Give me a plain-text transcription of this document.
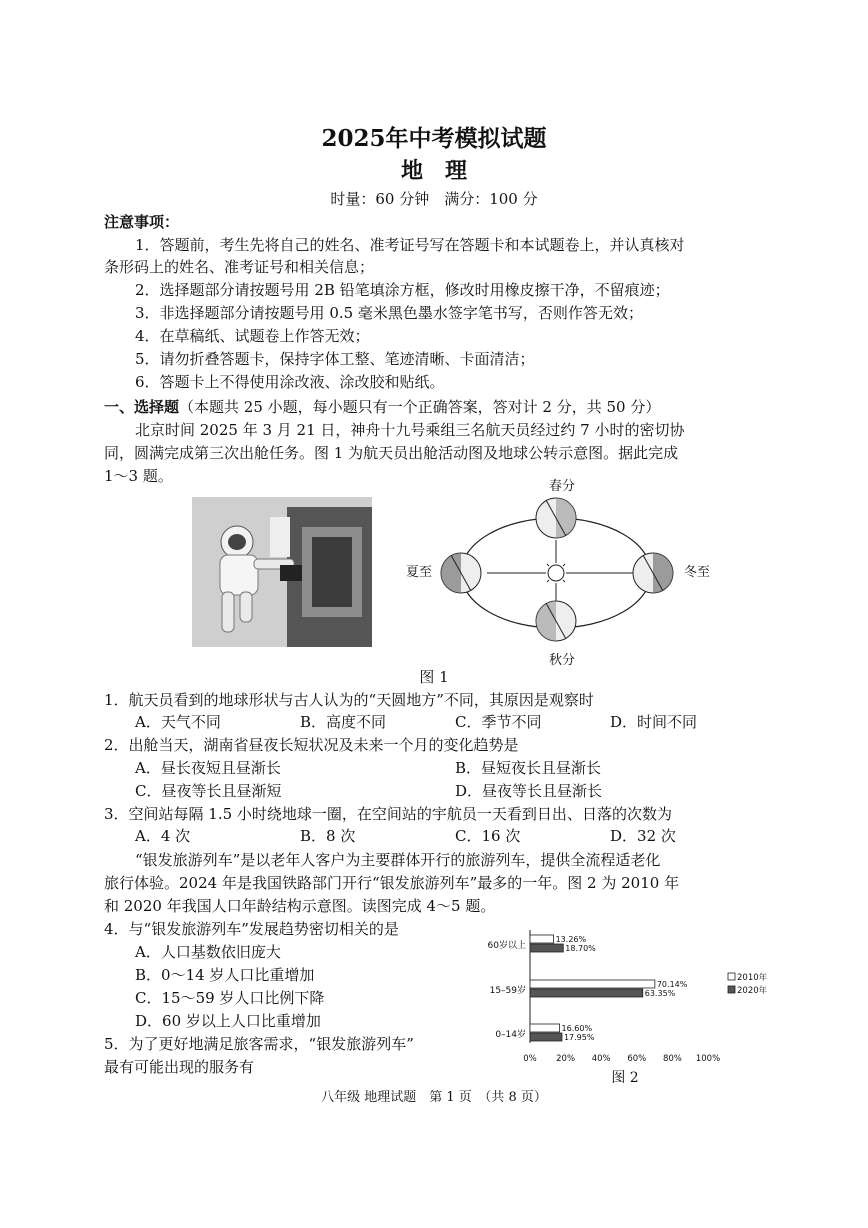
2025年中考模拟试题
地　理
时量：60 分钟　满分：100 分
注意事项：
1．答题前，考生先将自己的姓名、准考证号写在答题卡和本试题卷上，并认真核对
条形码上的姓名、准考证号和相关信息；
2．选择题部分请按题号用 2B 铅笔填涂方框，修改时用橡皮擦干净，不留痕迹；
3．非选择题部分请按题号用 0.5 毫米黑色墨水签字笔书写，否则作答无效；
4．在草稿纸、试题卷上作答无效；
5．请勿折叠答题卡，保持字体工整、笔迹清晰、卡面清洁；
6．答题卡上不得使用涂改液、涂改胶和贴纸。
一、选择题（本题共 25 小题，每小题只有一个正确答案，答对计 2 分，共 50 分）
北京时间 2025 年 3 月 21 日，神舟十九号乘组三名航天员经过约 7 小时的密切协
同，圆满完成第三次出舱任务。图 1 为航天员出舱活动图及地球公转示意图。据此完成
1～3 题。
春分
秋分
夏至	冬至
图 1
1．航天员看到的地球形状与古人认为的“天圆地方”不同，其原因是观察时
A．天气不同	B．高度不同	C．季节不同	D．时间不同
2．出舱当天，湖南省昼夜长短状况及未来一个月的变化趋势是
A．昼长夜短且昼渐长	B．昼短夜长且昼渐长
C．昼夜等长且昼渐短	D．昼夜等长且昼渐长
3．空间站每隔 1.5 小时绕地球一圈，在空间站的宇航员一天看到日出、日落的次数为
A．4 次	B．8 次	C．16 次	D．32 次
“银发旅游列车”是以老年人客户为主要群体开行的旅游列车，提供全流程适老化
旅行体验。2024 年是我国铁路部门开行“银发旅游列车”最多的一年。图 2 为 2010 年
和 2020 年我国人口年龄结构示意图。读图完成 4～5 题。
4．与“银发旅游列车”发展趋势密切相关的是
A．人口基数依旧庞大
B．0～14 岁人口比重增加
C．15～59 岁人口比例下降
D．60 岁以上人口比重增加
5．为了更好地满足旅客需求，“银发旅游列车”
最有可能出现的服务有
60岁以上
15–59岁
0–14岁
13.26%
70.14%
16.60%
18.70%
63.35%
17.95%
0% 20% 40% 60% 80% 100%
2010年
2020年
图 2
八年级 地理试题　第 1 页　（共 8 页）
